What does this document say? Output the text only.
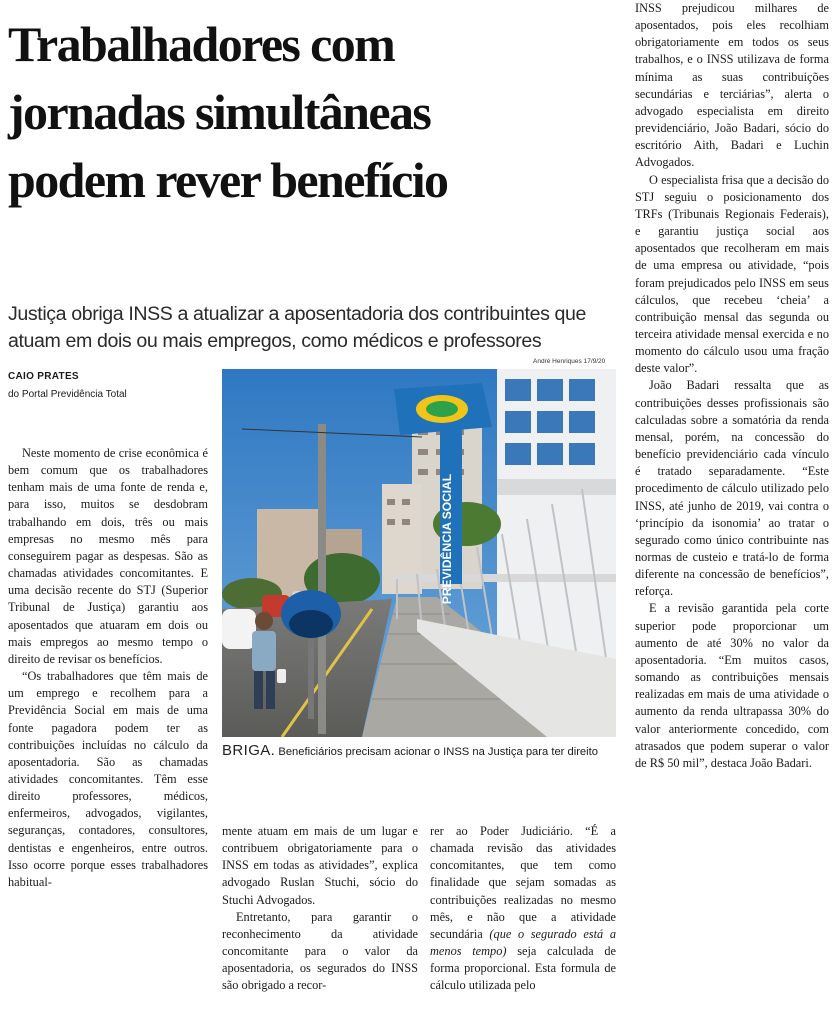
Trabalhadores com
jornadas simultâneas
podem rever benefício
Justiça obriga INSS a atualizar a aposentadoria dos contribuintes que
atuam em dois ou mais empregos, como médicos e professores
CAIO PRATES
do Portal Previdência Total

Neste momento de crise econômica é bem comum que os trabalhadores tenham mais de uma fonte de renda e, para isso, muitos se desdobram trabalhando em dois, três ou mais empresas no mesmo mês para conseguirem pagar as despesas. São as chamadas atividades concomitantes. E uma decisão recente do STJ (Superior Tribunal de Justiça) garantiu aos aposentados que atuaram em dois ou mais empregos ao mesmo tempo o direito de revisar os benefícios.

“Os trabalhadores que têm mais de um emprego e recolhem para a Previdência Social em mais de uma fonte pagadora podem ter as contribuições incluídas no cálculo da aposentadoria. São as chamadas atividades concomitantes. Têm esse direito professores, médicos, enfermeiros, advogados, vigilantes, seguranças, contadores, consultores, dentistas e engenheiros, entre outros. Isso ocorre porque esses trabalhadores habitual-

André Henriques 17/9/20
PREVIDÊNCIA SOCIAL
BRIGA. Beneficiários precisam acionar o INSS na Justiça para ter direito

mente atuam em mais de um lugar e contribuem obrigatoriamente para o INSS em todas as atividades”, explica advogado Ruslan Stuchi, sócio do Stuchi Advogados.

Entretanto, para garantir o reconhecimento da atividade concomitante para o valor da aposentadoria, os segurados do INSS são obrigado a recor-

rer ao Poder Judiciário. “É a chamada revisão das atividades concomitantes, que tem como finalidade que sejam somadas as contribuições realizadas no mesmo mês, e não que a atividade secundária (que o segurado está a menos tempo) seja calculada de forma proporcional. Esta formula de cálculo utilizada pelo

INSS prejudicou milhares de aposentados, pois eles recolhiam obrigatoriamente em todos os seus trabalhos, e o INSS utilizava de forma mínima as suas contribuições secundárias e terciárias”, alerta o advogado especialista em direito previdenciário, João Badari, sócio do escritório Aith, Badari e Luchin Advogados.

O especialista frisa que a decisão do STJ seguiu o posicionamento dos TRFs (Tribunais Regionais Federais), e garantiu justiça social aos aposentados que recolheram em mais de uma empresa ou atividade, “pois foram prejudicados pelo INSS em seus cálculos, que recebeu ‘cheia’ a contribuição mensal das segunda ou terceira atividade mensal exercida e no momento do cálculo usou uma fração deste valor”.

João Badari ressalta que as contribuições desses profissionais são calculadas sobre a somatória da renda mensal, porém, na concessão do benefício previdenciário cada vínculo é tratado separadamente. “Este procedimento de cálculo utilizado pelo INSS, até junho de 2019, vai contra o ‘princípio da isonomia’ ao tratar o segurado como único contribuinte nas normas de custeio e tratá-lo de forma diferente na concessão de benefícios”, reforça.

E a revisão garantida pela corte superior pode proporcionar um aumento de até 30% no valor da aposentadoria. “Em muitos casos, somando as contribuições mensais realizadas em mais de uma atividade o aumento da renda ultrapassa 30% do valor anteriormente concedido, com atrasados que podem superar o valor de R$ 50 mil”, destaca João Badari.
